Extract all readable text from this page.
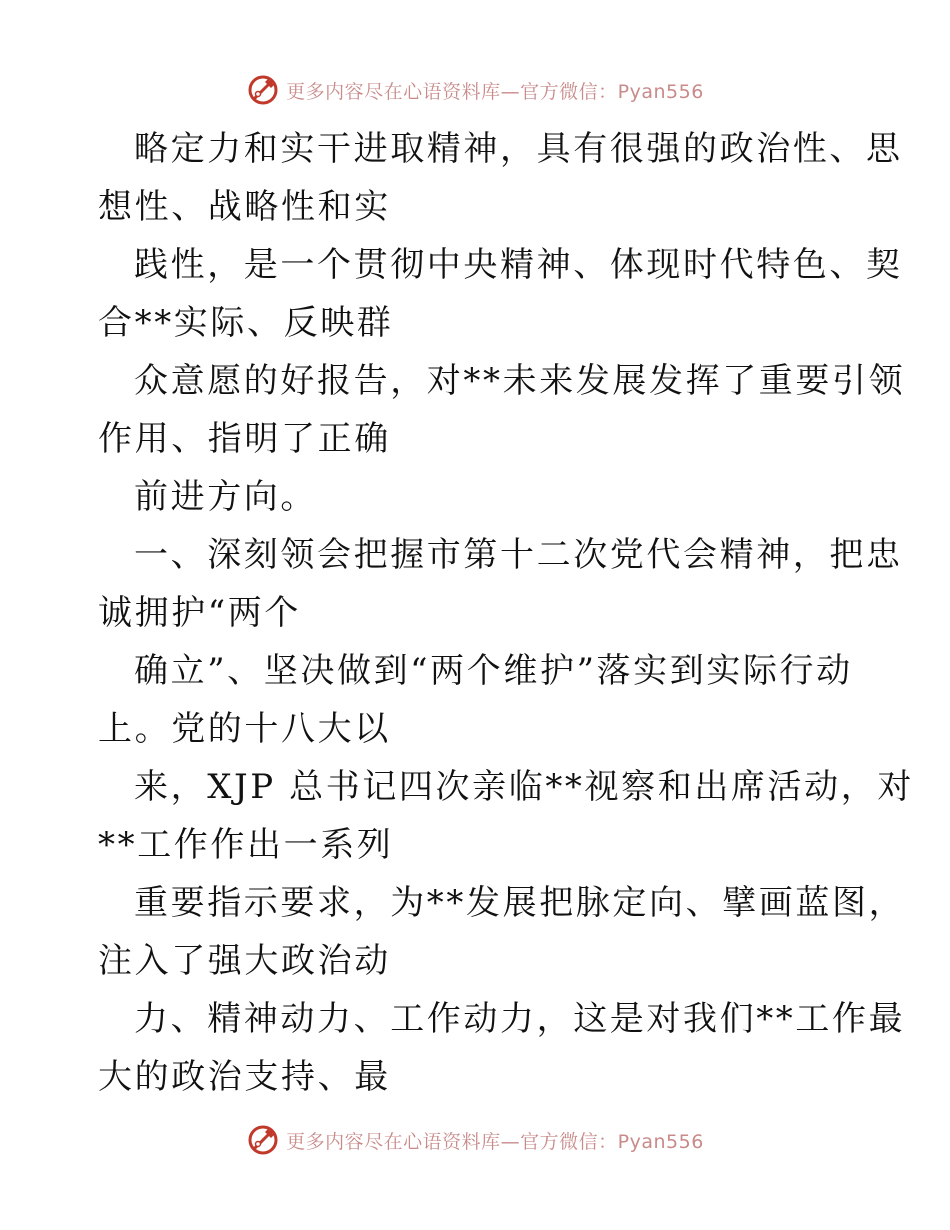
更多内容尽在心语资料库—官方微信：Pyan556
略定力和实干进取精神，具有很强的政治性、思
想性、战略性和实
践性，是一个贯彻中央精神、体现时代特色、契
合**实际、反映群
众意愿的好报告，对**未来发展发挥了重要引领
作用、指明了正确
前进方向。
一、深刻领会把握市第十二次党代会精神，把忠
诚拥护“两个
确立”、坚决做到“两个维护”落实到实际行动
上。党的十八大以
来，XJP 总书记四次亲临**视察和出席活动，对
**工作作出一系列
重要指示要求，为**发展把脉定向、擘画蓝图，
注入了强大政治动
力、精神动力、工作动力，这是对我们**工作最
大的政治支持、最
更多内容尽在心语资料库—官方微信：Pyan556
